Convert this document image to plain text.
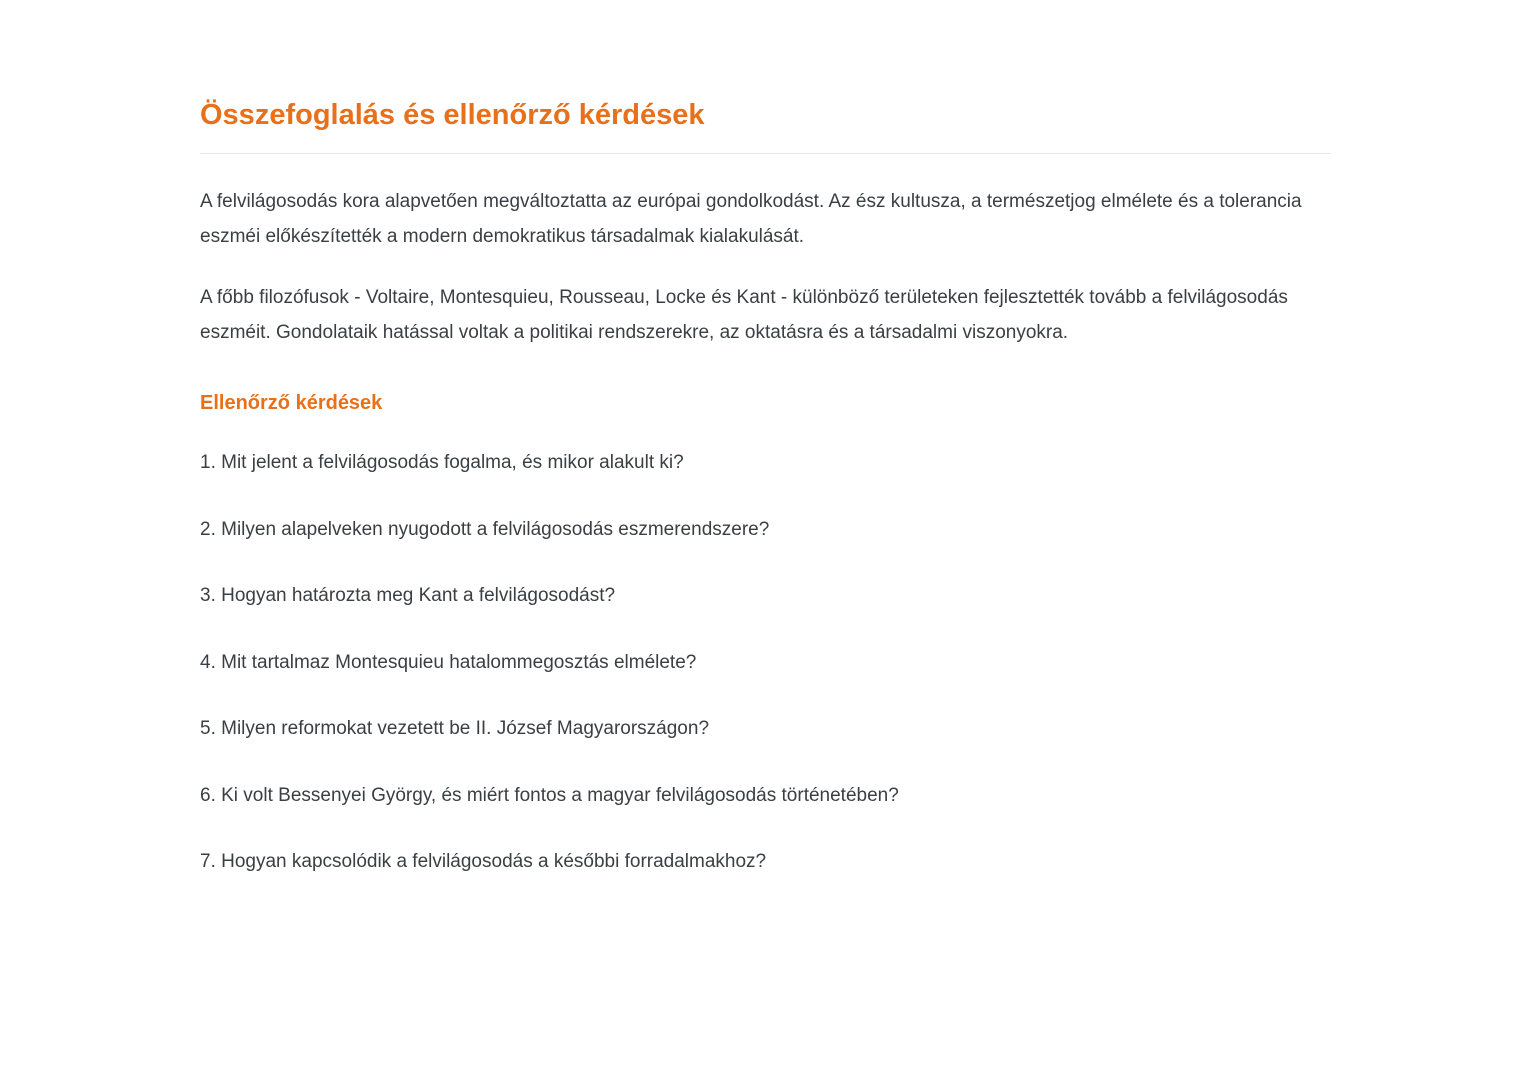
Összefoglalás és ellenőrző kérdések

A felvilágosodás kora alapvetően megváltoztatta az európai gondolkodást. Az ész kultusza, a természetjog elmélete és a tolerancia eszméi előkészítették a modern demokratikus társadalmak kialakulását.

A főbb filozófusok - Voltaire, Montesquieu, Rousseau, Locke és Kant - különböző területeken fejlesztették tovább a felvilágosodás eszméit. Gondolataik hatással voltak a politikai rendszerekre, az oktatásra és a társadalmi viszonyokra.

Ellenőrző kérdések
1. Mit jelent a felvilágosodás fogalma, és mikor alakult ki?
2. Milyen alapelveken nyugodott a felvilágosodás eszmerendszere?
3. Hogyan határozta meg Kant a felvilágosodást?
4. Mit tartalmaz Montesquieu hatalommegosztás elmélete?
5. Milyen reformokat vezetett be II. József Magyarországon?
6. Ki volt Bessenyei György, és miért fontos a magyar felvilágosodás történetében?
7. Hogyan kapcsolódik a felvilágosodás a későbbi forradalmakhoz?
